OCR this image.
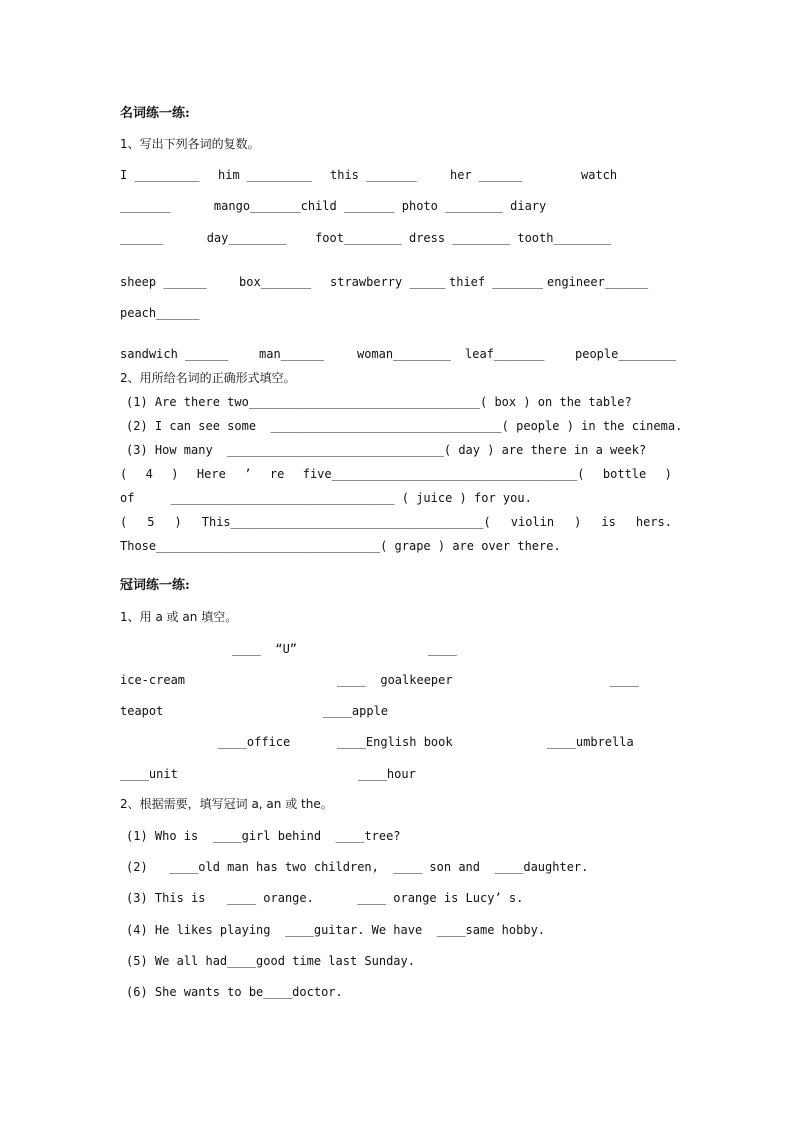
名词练一练:
1、写出下列各词的复数。
I _________ him _________ this _______	her ______	watch
_______      mango_______child _______ photo ________ diary
______      day________    foot________ dress ________ tooth________
sheep ______	box_______ strawberry _____ thief _______ engineer______
peach______
sandwich ______	man______	woman________ leaf_______	people________
2、用所给名词的正确形式填空。
(1) Are there two________________________________( box ) on the table?
(2) I can see some  ________________________________( people ) in the cinema.
(3) How many  ______________________________( day ) are there in a week?
( 4 ) Here ’ re five__________________________________( bottle )
of     _______________________________ ( juice ) for you.
( 5 ) This___________________________________( violin ) is hers.
Those_______________________________( grape ) are over there.
冠词练一练:
1、用 a 或 an 填空。
____  “U”	____
ice-cream	____  goalkeeper	____
teapot	____apple
____office	____English book	____umbrella
____unit	____hour
2、根据需要，填写冠词 a, an 或 the。
(1) Who is  ____girl behind  ____tree?
(2)   ____old man has two children,  ____ son and  ____daughter.
(3) This is   ____ orange.      ____ orange is Lucy’ s.
(4) He likes playing  ____guitar. We have  ____same hobby.
(5) We all had____good time last Sunday.
(6) She wants to be____doctor.
